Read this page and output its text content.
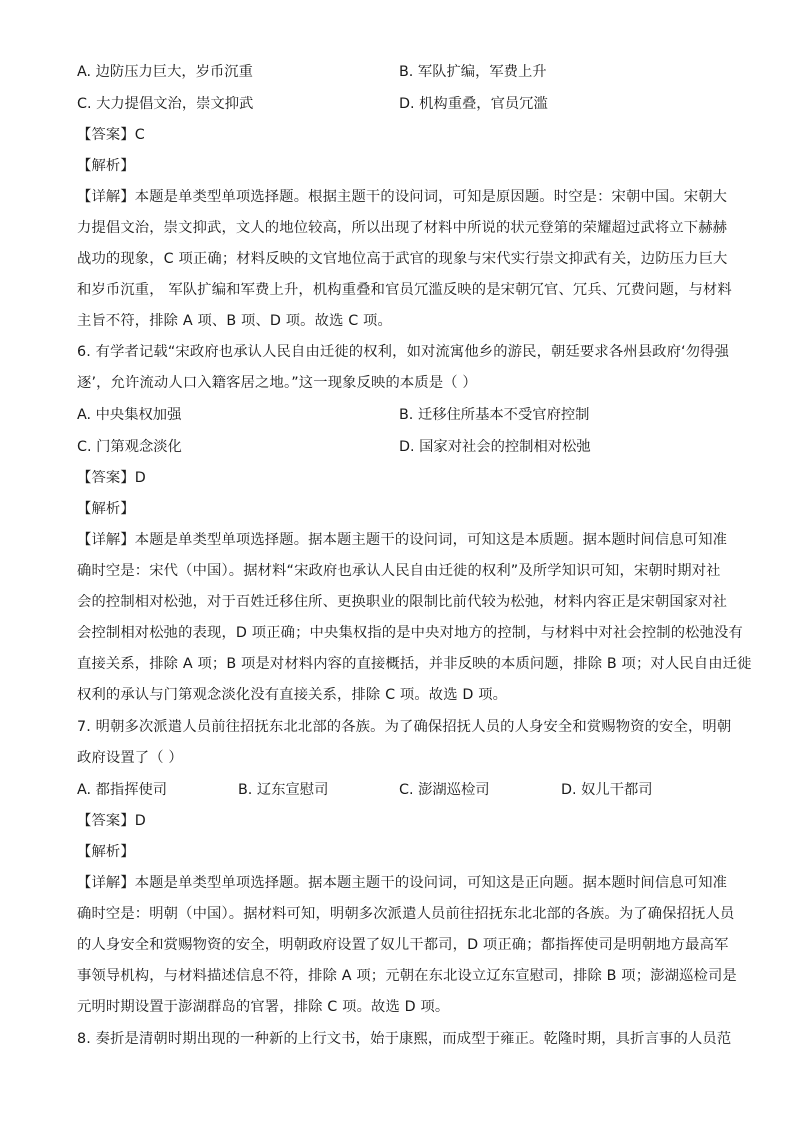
A. 边防压力巨大，岁币沉重	B. 军队扩编，军费上升
C. 大力提倡文治，崇文抑武	D. 机构重叠，官员冗滥
【答案】C
【解析】
【详解】本题是单类型单项选择题。根据主题干的设问词，可知是原因题。时空是：宋朝中国。宋朝大
力提倡文治，崇文抑武，文人的地位较高，所以出现了材料中所说的状元登第的荣耀超过武将立下赫赫
战功的现象，C 项正确；材料反映的文官地位高于武官的现象与宋代实行崇文抑武有关，边防压力巨大
和岁币沉重， 军队扩编和军费上升，机构重叠和官员冗滥反映的是宋朝冗官、冗兵、冗费问题，与材料
主旨不符，排除 A 项、B 项、D 项。故选 C 项。
6. 有学者记载“宋政府也承认人民自由迁徙的权利，如对流寓他乡的游民，朝廷要求各州县政府‘勿得强
逐’，允许流动人口入籍客居之地。”这一现象反映的本质是（ ）
A. 中央集权加强	B. 迁移住所基本不受官府控制
C. 门第观念淡化	D. 国家对社会的控制相对松弛
【答案】D
【解析】
【详解】本题是单类型单项选择题。据本题主题干的设问词，可知这是本质题。据本题时间信息可知准
确时空是：宋代（中国）。据材料“宋政府也承认人民自由迁徙的权利”及所学知识可知，宋朝时期对社
会的控制相对松弛，对于百姓迁移住所、更换职业的限制比前代较为松弛，材料内容正是宋朝国家对社
会控制相对松弛的表现，D 项正确；中央集权指的是中央对地方的控制，与材料中对社会控制的松弛没有
直接关系，排除 A 项；B 项是对材料内容的直接概括，并非反映的本质问题，排除 B 项；对人民自由迁徙
权利的承认与门第观念淡化没有直接关系，排除 C 项。故选 D 项。
7. 明朝多次派遣人员前往招抚东北北部的各族。为了确保招抚人员的人身安全和赏赐物资的安全，明朝
政府设置了（ ）
A. 都指挥使司	B. 辽东宣慰司	C. 澎湖巡检司	D. 奴儿干都司
【答案】D
【解析】
【详解】本题是单类型单项选择题。据本题主题干的设问词，可知这是正向题。据本题时间信息可知准
确时空是：明朝（中国）。据材料可知，明朝多次派遣人员前往招抚东北北部的各族。为了确保招抚人员
的人身安全和赏赐物资的安全，明朝政府设置了奴儿干都司，D 项正确；都指挥使司是明朝地方最高军
事领导机构，与材料描述信息不符，排除 A 项；元朝在东北设立辽东宣慰司，排除 B 项；澎湖巡检司是
元明时期设置于澎湖群岛的官署，排除 C 项。故选 D 项。
8. 奏折是清朝时期出现的一种新的上行文书，始于康熙，而成型于雍正。乾隆时期，具折言事的人员范
